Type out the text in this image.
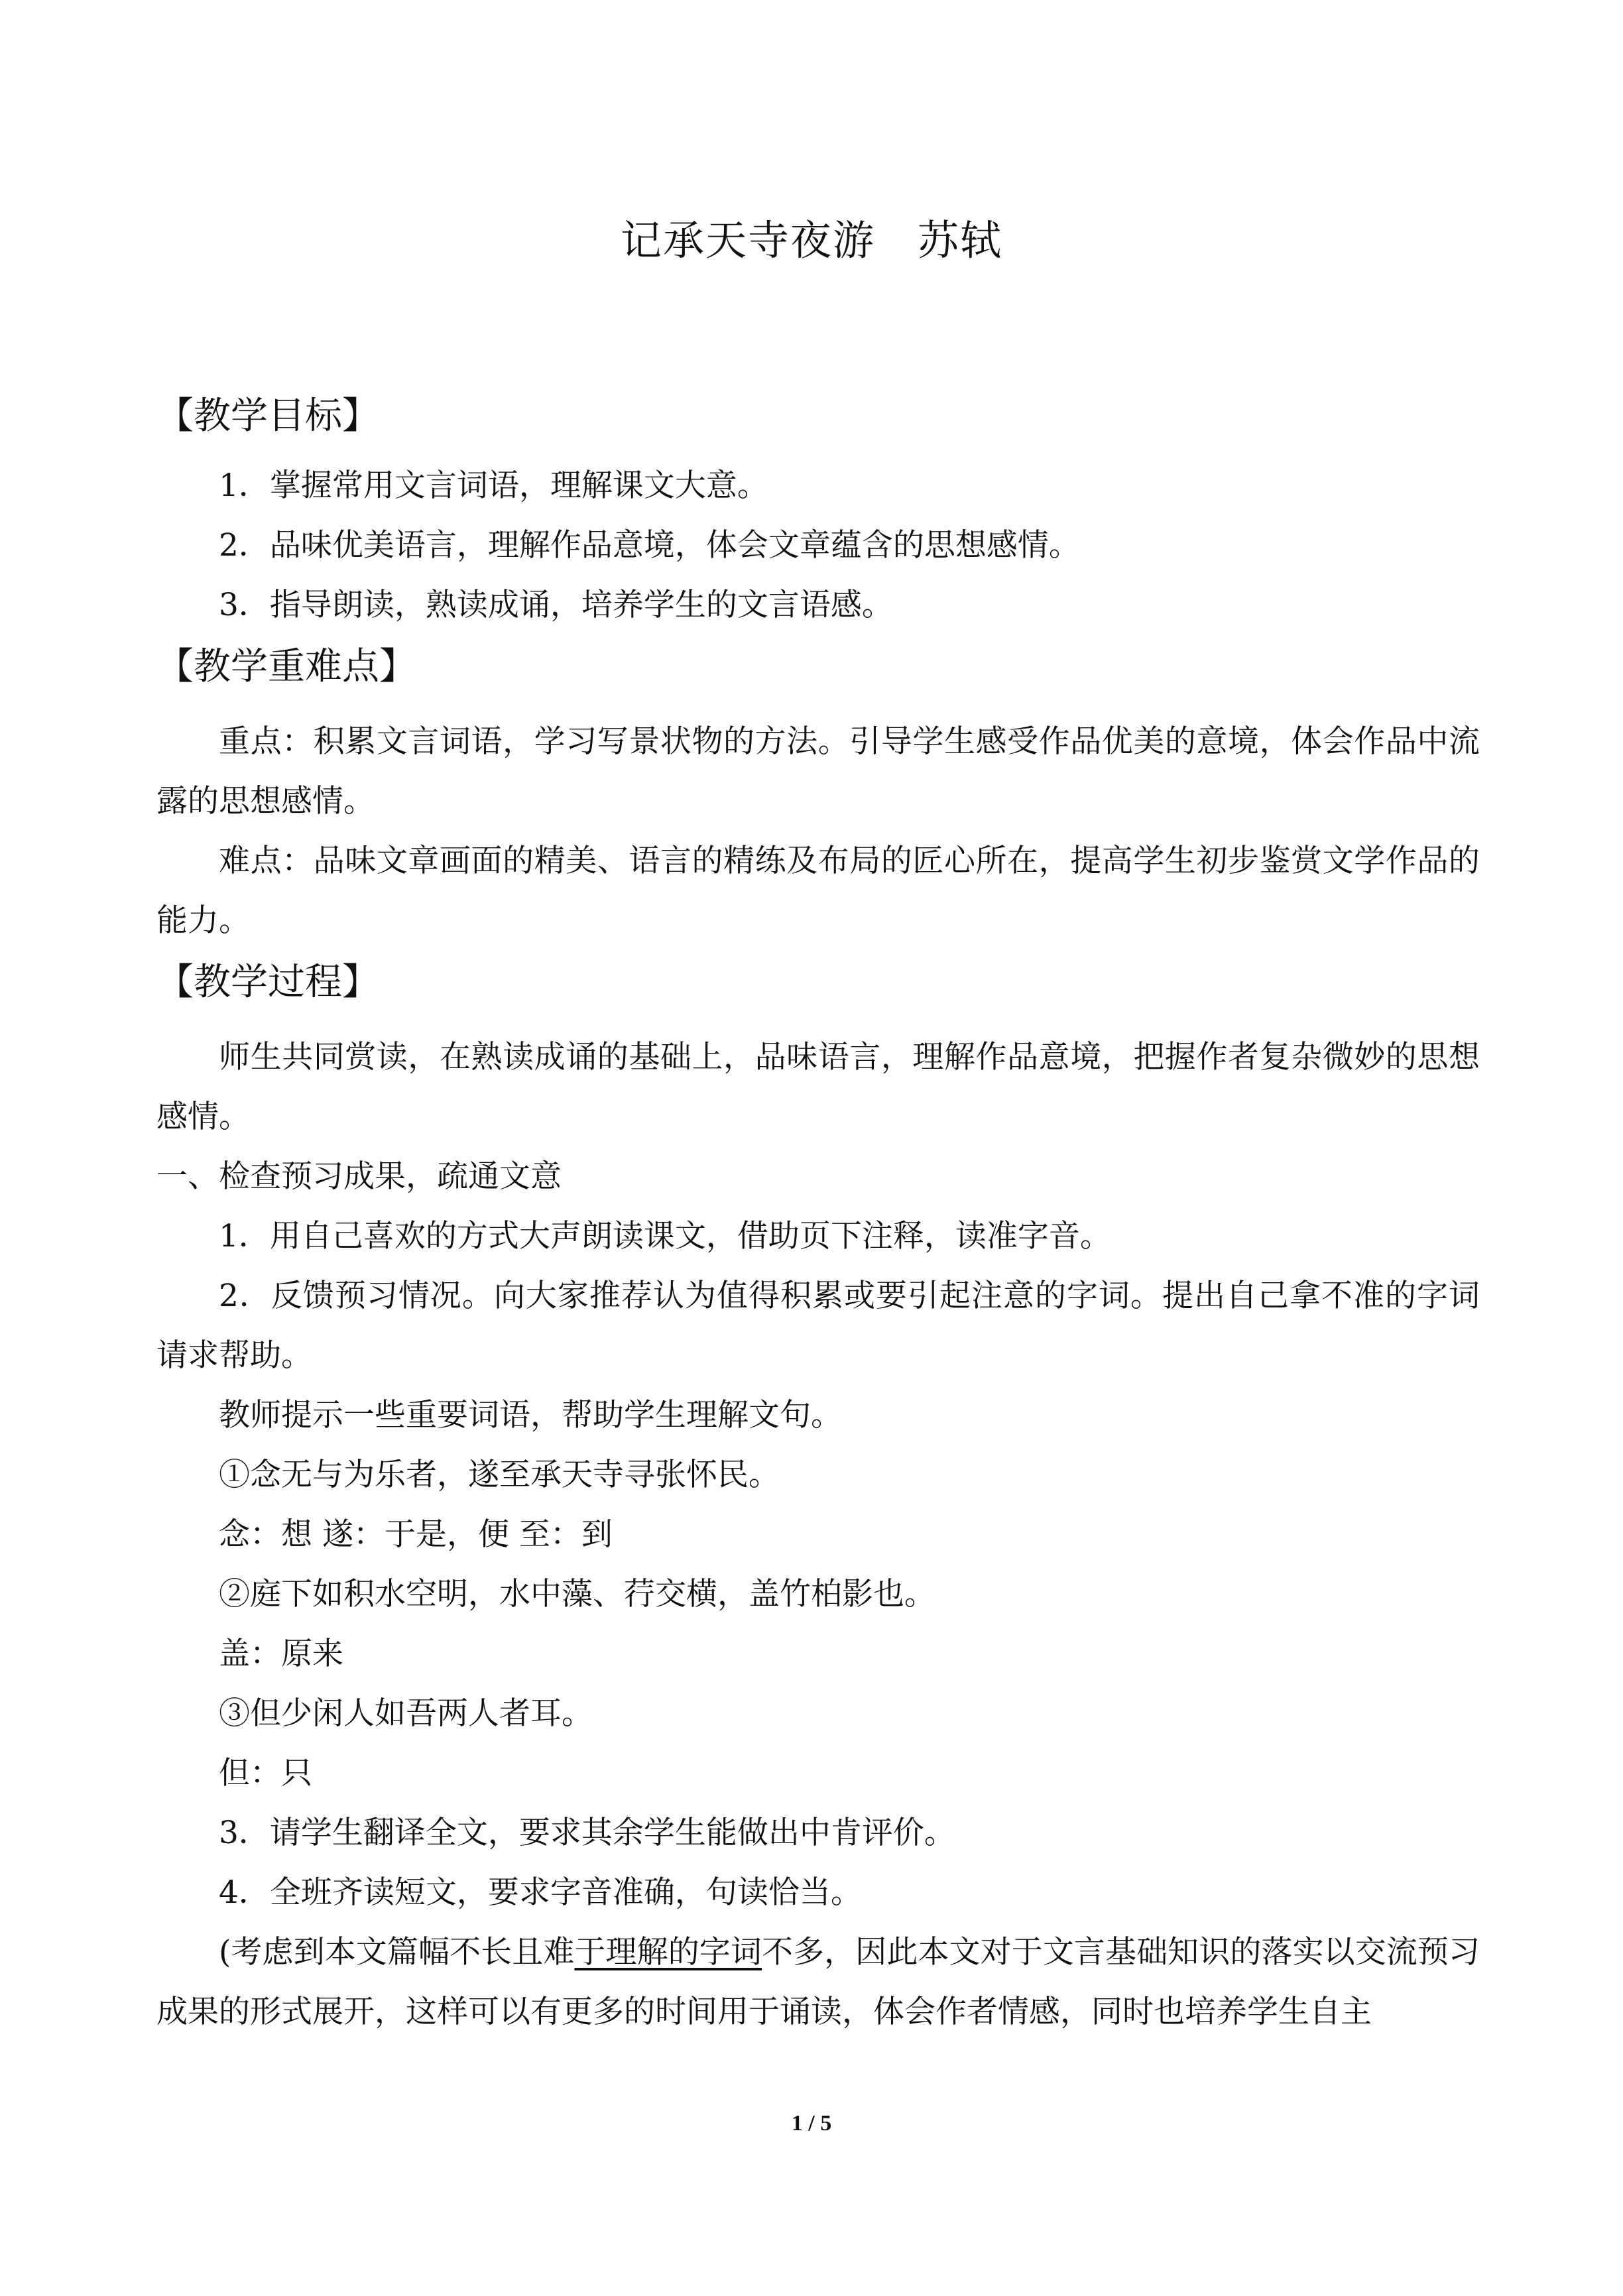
记承天寺夜游　苏轼
【教学目标】

1．掌握常用文言词语，理解课文大意。

2．品味优美语言，理解作品意境，体会文章蕴含的思想感情。

3．指导朗读，熟读成诵，培养学生的文言语感。

【教学重难点】

重点：积累文言词语，学习写景状物的方法。引导学生感受作品优美的意境，体会作品中流露的思想感情。

难点：品味文章画面的精美、语言的精练及布局的匠心所在，提高学生初步鉴赏文学作品的能力。

【教学过程】

师生共同赏读，在熟读成诵的基础上，品味语言，理解作品意境，把握作者复杂微妙的思想感情。

一、检查预习成果，疏通文意

1．用自己喜欢的方式大声朗读课文，借助页下注释，读准字音。

2．反馈预习情况。向大家推荐认为值得积累或要引起注意的字词。提出自己拿不准的字词请求帮助。

教师提示一些重要词语，帮助学生理解文句。

①念无与为乐者，遂至承天寺寻张怀民。

念：想 遂：于是，便 至：到

②庭下如积水空明，水中藻、荇交横，盖竹柏影也。

盖：原来

③但少闲人如吾两人者耳。

但：只

3．请学生翻译全文，要求其余学生能做出中肯评价。

4．全班齐读短文，要求字音准确，句读恰当。

(考虑到本文篇幅不长且难于理解的字词不多，因此本文对于文言基础知识的落实以交流预习成果的形式展开，这样可以有更多的时间用于诵读，体会作者情感，同时也培养学生自主

1 / 5
